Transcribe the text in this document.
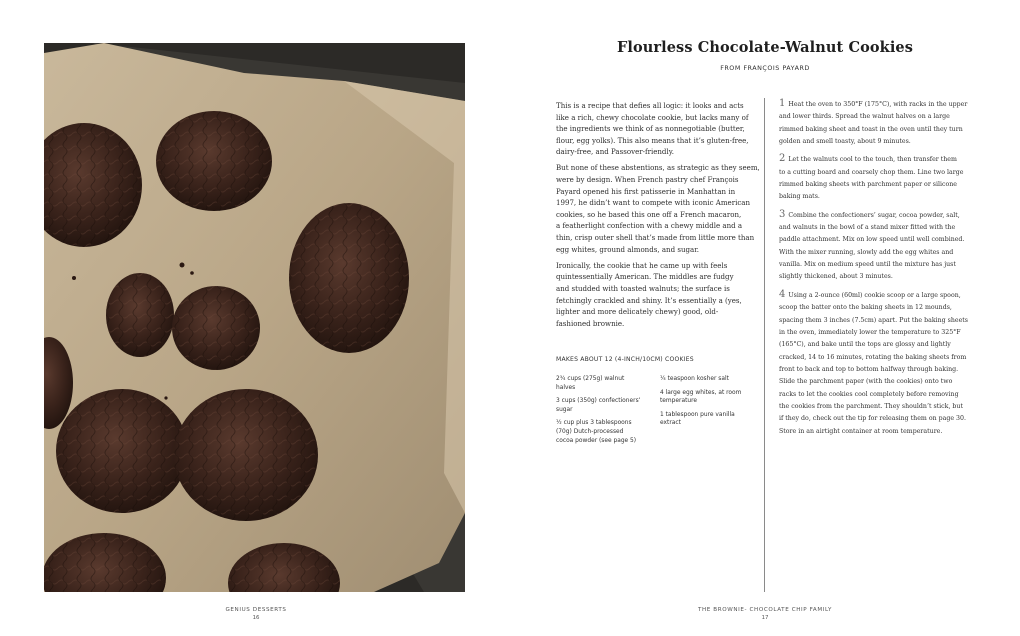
Flourless Chocolate-Walnut Cookies
FROM FRANÇOIS PAYARD

This is a recipe that defies all logic: it looks and acts
like a rich, chewy chocolate cookie, but lacks many of
the ingredients we think of as nonnegotiable (butter,
flour, egg yolks). This also means that it’s gluten-free,
dairy-free, and Passover-friendly.

But none of these abstentions, as strategic as they seem,
were by design. When French pastry chef François
Payard opened his first patisserie in Manhattan in
1997, he didn’t want to compete with iconic American
cookies, so he based this one off a French macaron,
a featherlight confection with a chewy middle and a
thin, crisp outer shell that’s made from little more than
egg whites, ground almonds, and sugar.

Ironically, the cookie that he came up with feels
quintessentially American. The middles are fudgy
and studded with toasted walnuts; the surface is
fetchingly crackled and shiny. It’s essentially a (yes,
lighter and more delicately chewy) good, old-
fashioned brownie.

MAKES ABOUT 12 (4-INCH/10CM) COOKIES
2¾ cups (275g) walnut
halves
3 cups (350g) confectioners’
sugar
½ cup plus 3 tablespoons
(70g) Dutch-processed
cocoa powder (see page 5)
¼ teaspoon kosher salt
4 large egg whites, at room
temperature
1 tablespoon pure vanilla
extract
1 Heat the oven to 350°F (175°C), with racks in the upper
and lower thirds. Spread the walnut halves on a large
rimmed baking sheet and toast in the oven until they turn
golden and smell toasty, about 9 minutes.
2 Let the walnuts cool to the touch, then transfer them
to a cutting board and coarsely chop them. Line two large
rimmed baking sheets with parchment paper or silicone
baking mats.
3 Combine the confectioners’ sugar, cocoa powder, salt,
and walnuts in the bowl of a stand mixer fitted with the
paddle attachment. Mix on low speed until well combined.
With the mixer running, slowly add the egg whites and
vanilla. Mix on medium speed until the mixture has just
slightly thickened, about 3 minutes.
4 Using a 2-ounce (60ml) cookie scoop or a large spoon,
scoop the batter onto the baking sheets in 12 mounds,
spacing them 3 inches (7.5cm) apart. Put the baking sheets
in the oven, immediately lower the temperature to 325°F
(165°C), and bake until the tops are glossy and lightly
cracked, 14 to 16 minutes, rotating the baking sheets from
front to back and top to bottom halfway through baking.
Slide the parchment paper (with the cookies) onto two
racks to let the cookies cool completely before removing
the cookies from the parchment. They shouldn’t stick, but
if they do, check out the tip for releasing them on page 30.
Store in an airtight container at room temperature.
GENIUS DESSERTS
16
THE BROWNIE- CHOCOLATE CHIP FAMILY
17
